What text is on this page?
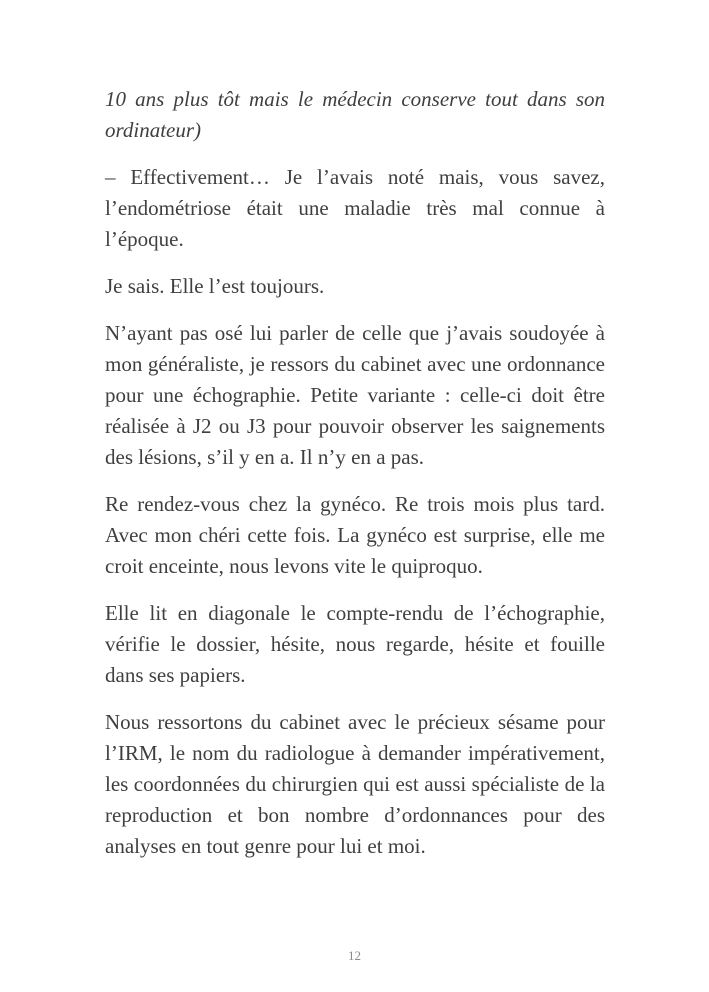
10 ans plus tôt mais le médecin conserve tout dans son ordinateur)

– Effectivement… Je l’avais noté mais, vous savez, l’endométriose était une maladie très mal connue à l’époque.

Je sais. Elle l’est toujours.

N’ayant pas osé lui parler de celle que j’avais soudoyée à mon généraliste, je ressors du cabinet avec une ordonnance pour une échographie. Petite variante : celle-ci doit être réalisée à J2 ou J3 pour pouvoir observer les saignements des lésions, s’il y en a. Il n’y en a pas.

Re rendez-vous chez la gynéco. Re trois mois plus tard. Avec mon chéri cette fois. La gynéco est surprise, elle me croit enceinte, nous levons vite le quiproquo.

Elle lit en diagonale le compte-rendu de l’échographie, vérifie le dossier, hésite, nous regarde, hésite et fouille dans ses papiers.

Nous ressortons du cabinet avec le précieux sésame pour l’IRM, le nom du radiologue à demander impérativement, les coordonnées du chirurgien qui est aussi spécialiste de la reproduction et bon nombre d’ordonnances pour des analyses en tout genre pour lui et moi.

12
